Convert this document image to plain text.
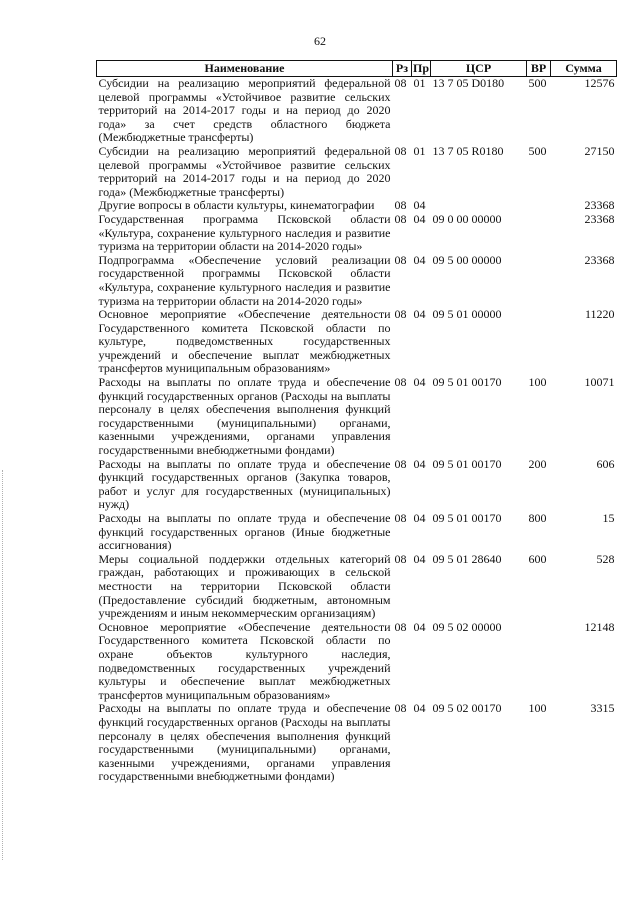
62
Наименование	Рз	Пр	ЦСР	ВР	Сумма
Субсидии на реализацию мероприятий федеральной целевой программы «Устойчивое развитие сельских территорий на 2014-2017 годы и на период до 2020 года» за счет средств областного бюджета (Межбюджетные трансферты)	08	01	13 7 05 D0180	500	12576
Субсидии на реализацию мероприятий федеральной целевой программы «Устойчивое развитие сельских территорий на 2014-2017 годы и на период до 2020 года» (Межбюджетные трансферты)	08	01	13 7 05 R0180	500	27150
Другие вопросы в области культуры, кинематографии	08	04			23368
Государственная программа Псковской области «Культура, сохранение культурного наследия и развитие туризма на территории области на 2014-2020 годы»	08	04	09 0 00 00000		23368
Подпрограмма «Обеспечение условий реализации государственной программы Псковской области «Культура, сохранение культурного наследия и развитие туризма на территории области на 2014-2020 годы»	08	04	09 5 00 00000		23368
Основное мероприятие «Обеспечение деятельности Государственного комитета Псковской области по культуре, подведомственных государственных учреждений и обеспечение выплат межбюджетных трансфертов муниципальным образованиям»	08	04	09 5 01 00000		11220
Расходы на выплаты по оплате труда и обеспечение функций государственных органов (Расходы на выплаты персоналу в целях обеспечения выполнения функций государственными (муниципальными) органами, казенными учреждениями, органами управления государственными внебюджетными фондами)	08	04	09 5 01 00170	100	10071
Расходы на выплаты по оплате труда и обеспечение функций государственных органов (Закупка товаров, работ и услуг для государственных (муниципальных) нужд)	08	04	09 5 01 00170	200	606
Расходы на выплаты по оплате труда и обеспечение функций государственных органов (Иные бюджетные ассигнования)	08	04	09 5 01 00170	800	15
Меры социальной поддержки отдельных категорий граждан, работающих и проживающих в сельской местности на территории Псковской области (Предоставление субсидий бюджетным, автономным учреждениям и иным некоммерческим организациям)	08	04	09 5 01 28640	600	528
Основное мероприятие «Обеспечение деятельности Государственного комитета Псковской области по охране объектов культурного наследия, подведомственных государственных учреждений культуры и обеспечение выплат межбюджетных трансфертов муниципальным образованиям»	08	04	09 5 02 00000		12148
Расходы на выплаты по оплате труда и обеспечение функций государственных органов (Расходы на выплаты персоналу в целях обеспечения выполнения функций государственными (муниципальными) органами, казенными учреждениями, органами управления государственными внебюджетными фондами)	08	04	09 5 02 00170	100	3315
